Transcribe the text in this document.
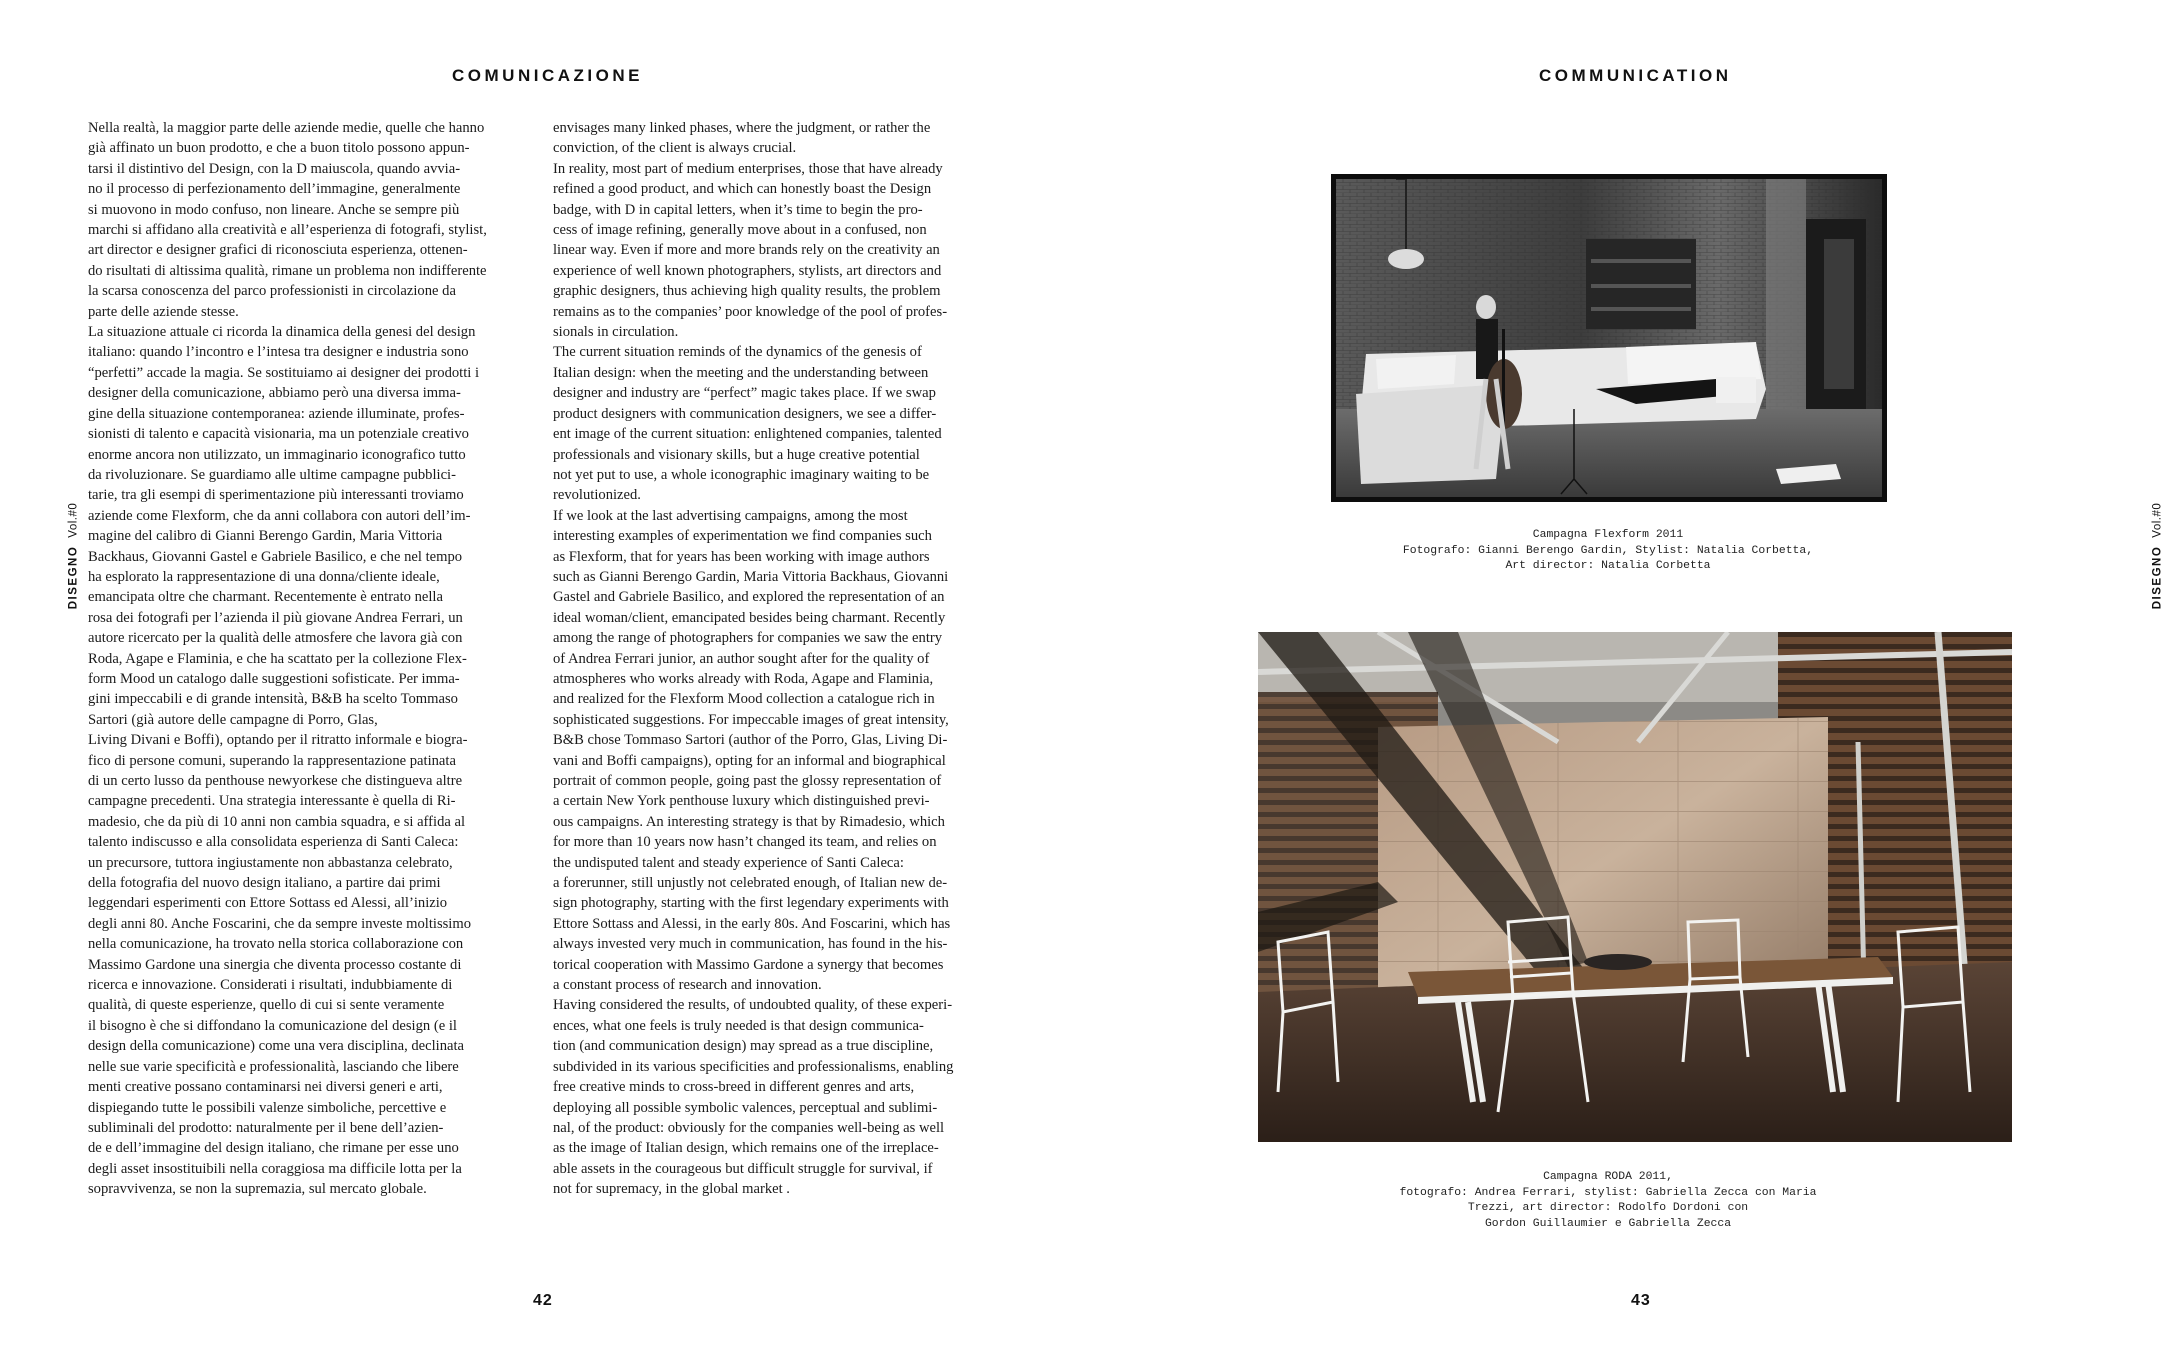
COMUNICAZIONE
DISEGNOVol.#0

Nella realtà, la maggior parte delle aziende medie, quelle che hanno
già affinato un buon prodotto, e che a buon titolo possono appun-
tarsi il distintivo del Design, con la D maiuscola, quando avvia-
no il processo di perfezionamento dell’immagine, generalmente
si muovono in modo confuso, non lineare. Anche se sempre più
marchi si affidano alla creatività e all’esperienza di fotografi, stylist,
art director e designer grafici di riconosciuta esperienza, ottenen-
do risultati di altissima qualità, rimane un problema non indifferente
la scarsa conoscenza del parco professionisti in circolazione da
parte delle aziende stesse.

La situazione attuale ci ricorda la dinamica della genesi del design
italiano: quando l’incontro e l’intesa tra designer e industria sono
“perfetti” accade la magia. Se sostituiamo ai designer dei prodotti i
designer della comunicazione, abbiamo però una diversa imma-
gine della situazione contemporanea: aziende illuminate, profes-
sionisti di talento e capacità visionaria, ma un potenziale creativo
enorme ancora non utilizzato, un immaginario iconografico tutto
da rivoluzionare. Se guardiamo alle ultime campagne pubblici-
tarie, tra gli esempi di sperimentazione più interessanti troviamo
aziende come Flexform, che da anni collabora con autori dell’im-
magine del calibro di Gianni Berengo Gardin, Maria Vittoria
Backhaus, Giovanni Gastel e Gabriele Basilico, e che nel tempo
ha esplorato la rappresentazione di una donna/cliente ideale,
emancipata oltre che charmant. Recentemente è entrato nella
rosa dei fotografi per l’azienda il più giovane Andrea Ferrari, un
autore ricercato per la qualità delle atmosfere che lavora già con
Roda, Agape e Flaminia, e che ha scattato per la collezione Flex-
form Mood un catalogo dalle suggestioni sofisticate. Per imma-
gini impeccabili e di grande intensità, B&B ha scelto Tommaso
Sartori (già autore delle campagne di Porro, Glas,

Living Divani e Boffi), optando per il ritratto informale e biogra-
fico di persone comuni, superando la rappresentazione patinata
di un certo lusso da penthouse newyorkese che distingueva altre
campagne precedenti. Una strategia interessante è quella di Ri-
madesio, che da più di 10 anni non cambia squadra, e si affida al
talento indiscusso e alla consolidata esperienza di Santi Caleca:
un precursore, tuttora ingiustamente non abbastanza celebrato,
della fotografia del nuovo design italiano, a partire dai primi
leggendari esperimenti con Ettore Sottass ed Alessi, all’inizio
degli anni 80. Anche Foscarini, che da sempre investe moltissimo
nella comunicazione, ha trovato nella storica collaborazione con
Massimo Gardone una sinergia che diventa processo costante di
ricerca e innovazione. Considerati i risultati, indubbiamente di
qualità, di queste esperienze, quello di cui si sente veramente
il bisogno è che si diffondano la comunicazione del design (e il
design della comunicazione) come una vera disciplina, declinata
nelle sue varie specificità e professionalità, lasciando che libere
menti creative possano contaminarsi nei diversi generi e arti,
dispiegando tutte le possibili valenze simboliche, percettive e
subliminali del prodotto: naturalmente per il bene dell’azien-
de e dell’immagine del design italiano, che rimane per esse uno
degli asset insostituibili nella coraggiosa ma difficile lotta per la
sopravvivenza, se non la supremazia, sul mercato globale.

envisages many linked phases, where the judgment, or rather the
conviction, of the client is always crucial.

In reality, most part of medium enterprises, those that have already
refined a good product, and which can honestly boast the Design
badge, with D in capital letters, when it’s time to begin the pro-
cess of image refining, generally move about in a confused, non
linear way. Even if more and more brands rely on the creativity an
experience of well known photographers, stylists, art directors and
graphic designers, thus achieving high quality results, the problem
remains as to the companies’ poor knowledge of the pool of profes-
sionals in circulation.

The current situation reminds of the dynamics of the genesis of
Italian design: when the meeting and the understanding between
designer and industry are “perfect” magic takes place. If we swap
product designers with communication designers, we see a differ-
ent image of the current situation: enlightened companies, talented
professionals and visionary skills, but a huge creative potential
not yet put to use, a whole iconographic imaginary waiting to be
revolutionized.

If we look at the last advertising campaigns, among the most
interesting examples of experimentation we find companies such
as Flexform, that for years has been working with image authors
such as Gianni Berengo Gardin, Maria Vittoria Backhaus, Giovanni
Gastel and Gabriele Basilico, and explored the representation of an
ideal woman/client, emancipated besides being charmant. Recently
among the range of photographers for companies we saw the entry
of Andrea Ferrari junior, an author sought after for the quality of
atmospheres who works already with Roda, Agape and Flaminia,
and realized for the Flexform Mood collection a catalogue rich in
sophisticated suggestions. For impeccable images of great intensity,
B&B chose Tommaso Sartori (author of the Porro, Glas, Living Di-
vani and Boffi campaigns), opting for an informal and biographical
portrait of common people, going past the glossy representation of
a certain New York penthouse luxury which distinguished previ-
ous campaigns. An interesting strategy is that by Rimadesio, which
for more than 10 years now hasn’t changed its team, and relies on
the undisputed talent and steady experience of Santi Caleca:
a forerunner, still unjustly not celebrated enough, of Italian new de-
sign photography, starting with the first legendary experiments with
Ettore Sottass and Alessi, in the early 80s. And Foscarini, which has
always invested very much in communication, has found in the his-
torical cooperation with Massimo Gardone a synergy that becomes
a constant process of research and innovation.

Having considered the results, of undoubted quality, of these experi-
ences, what one feels is truly needed is that design communica-
tion (and communication design) may spread as a true discipline,
subdivided in its various specificities and professionalisms, enabling
free creative minds to cross-breed in different genres and arts,
deploying all possible symbolic valences, perceptual and sublimi-
nal, of the product: obviously for the companies well-being as well
as the image of Italian design, which remains one of the irreplace-
able assets in the courageous but difficult struggle for survival, if
not for supremacy, in the global market .

42
COMMUNICATION
DISEGNOVol.#0
Campagna Flexform 2011
Fotografo: Gianni Berengo Gardin, Stylist: Natalia Corbetta,
Art director: Natalia Corbetta
Campagna RODA 2011,
fotografo: Andrea Ferrari, stylist: Gabriella Zecca con Maria
Trezzi, art director: Rodolfo Dordoni con
Gordon Guillaumier e Gabriella Zecca
43
